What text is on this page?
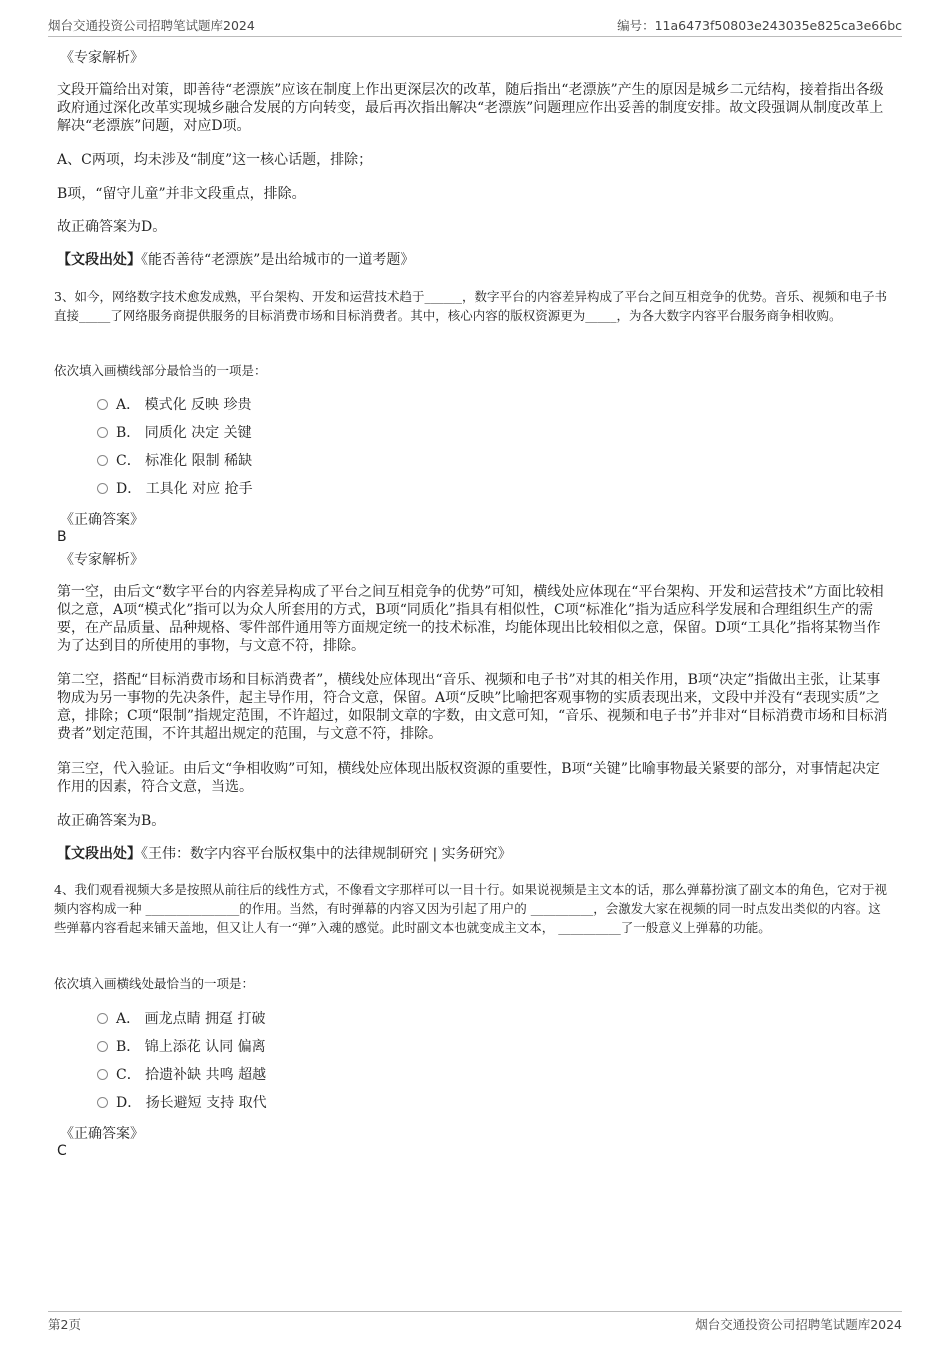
烟台交通投资公司招聘笔试题库2024	编号：11a6473f50803e243035e825ca3e66bc
《专家解析》

文段开篇给出对策，即善待“老漂族”应该在制度上作出更深层次的改革，随后指出“老漂族”产生的原因是城乡二元结构，接着指出各级政府通过深化改革实现城乡融合发展的方向转变，最后再次指出解决“老漂族”问题理应作出妥善的制度安排。故文段强调从制度改革上解决“老漂族”问题，对应D项。

A、C两项，均未涉及“制度”这一核心话题，排除；

B项，“留守儿童”并非文段重点，排除。

故正确答案为D。

【文段出处】《能否善待“老漂族”是出给城市的一道考题》

3、如今，网络数字技术愈发成熟，平台架构、开发和运营技术趋于______，数字平台的内容差异构成了平台之间互相竞争的优势。音乐、视频和电子书直接_____了网络服务商提供服务的目标消费市场和目标消费者。其中，核心内容的版权资源更为_____，为各大数字内容平台服务商争相收购。

依次填入画横线部分最恰当的一项是：
A． 模式化 反映 珍贵
B． 同质化 决定 关键
C． 标准化 限制 稀缺
D． 工具化 对应 抢手
《正确答案》
B
《专家解析》

第一空，由后文“数字平台的内容差异构成了平台之间互相竞争的优势”可知，横线处应体现在“平台架构、开发和运营技术”方面比较相似之意，A项“模式化”指可以为众人所套用的方式，B项“同质化”指具有相似性，C项“标准化”指为适应科学发展和合理组织生产的需要，在产品质量、品种规格、零件部件通用等方面规定统一的技术标准，均能体现出比较相似之意，保留。D项“工具化”指将某物当作为了达到目的所使用的事物，与文意不符，排除。

第二空，搭配“目标消费市场和目标消费者”，横线处应体现出“音乐、视频和电子书”对其的相关作用，B项“决定”指做出主张，让某事物成为另一事物的先决条件，起主导作用，符合文意，保留。A项“反映”比喻把客观事物的实质表现出来，文段中并没有“表现实质”之意，排除；C项“限制”指规定范围，不许超过，如限制文章的字数，由文意可知，“音乐、视频和电子书”并非对“目标消费市场和目标消费者”划定范围，不许其超出规定的范围，与文意不符，排除。

第三空，代入验证。由后文“争相收购”可知，横线处应体现出版权资源的重要性，B项“关键”比喻事物最关紧要的部分，对事情起决定作用的因素，符合文意，当选。

故正确答案为B。

【文段出处】《王伟：数字内容平台版权集中的法律规制研究 | 实务研究》

4、我们观看视频大多是按照从前往后的线性方式，不像看文字那样可以一目十行。如果说视频是主文本的话，那么弹幕扮演了副文本的角色，它对于视频内容构成一种 _______________的作用。当然，有时弹幕的内容又因为引起了用户的 __________，会激发大家在视频的同一时点发出类似的内容。这些弹幕内容看起来铺天盖地，但又让人有一“弹”入魂的感觉。此时副文本也就变成主文本， __________了一般意义上弹幕的功能。

依次填入画横线处最恰当的一项是：
A． 画龙点睛 拥趸 打破
B． 锦上添花 认同 偏离
C． 拾遗补缺 共鸣 超越
D． 扬长避短 支持 取代
《正确答案》
C
第2页	烟台交通投资公司招聘笔试题库2024
